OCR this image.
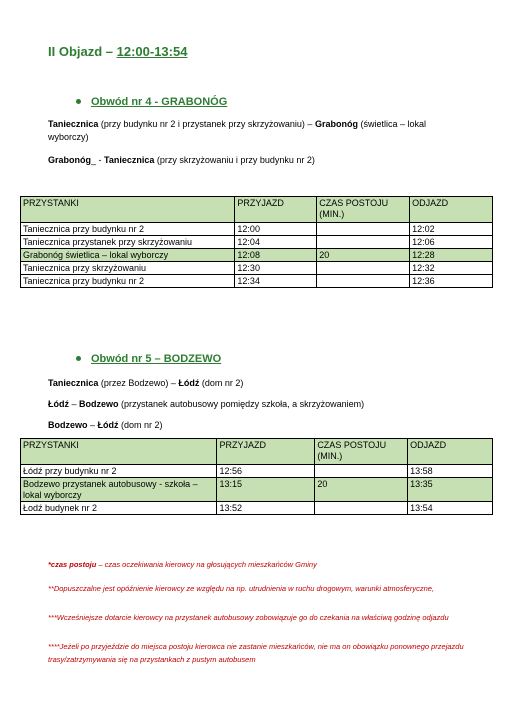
II Objazd – 12:00-13:54
Obwód nr 4 - GRABONÓG
Taniecznica (przy budynku nr 2 i przystanek przy skrzyżowaniu) – Grabonóg (świetlica – lokal wyborczy)
Grabonóg_ - Taniecznica (przy skrzyżowaniu i przy budynku nr 2)
PRZYSTANKI	PRZYJAZD	CZAS POSTOJU (MIN.)	ODJAZD
Taniecznica przy budynku nr 2	12:00		12:02
Taniecznica przystanek przy skrzyżowaniu	12:04		12:06
Grabonóg świetlica – lokal wyborczy	12:08	20	12:28
Taniecznica przy skrzyżowaniu	12:30		12:32
Taniecznica przy budynku nr 2	12:34		12:36
Obwód nr 5 – BODZEWO
Taniecznica (przez Bodzewo) – Łódź (dom nr 2)
Łódź – Bodzewo (przystanek autobusowy pomiędzy szkoła, a skrzyżowaniem)
Bodzewo – Łódź (dom nr 2)
PRZYSTANKI	PRZYJAZD	CZAS POSTOJU (MIN.)	ODJAZD
Łódź przy budynku nr 2	12:56		13:58
Bodzewo przystanek autobusowy - szkoła – lokal wyborczy	13:15	20	13:35
Łodź budynek nr 2	13:52		13:54
*czas postoju – czas oczekiwania kierowcy na głosujących mieszkańców Gminy
**Dopuszczalne jest opóźnienie kierowcy ze względu na np. utrudnienia w ruchu drogowym, warunki atmosferyczne,
***Wcześniejsze dotarcie kierowcy na przystanek autobusowy zobowiązuje go do czekania na właściwą godzinę odjazdu
****Jeżeli po przyjeździe do miejsca postoju kierowca nie zastanie mieszkańców, nie ma on obowiązku ponownego przejazdu trasy/zatrzymywania się na przystankach z pustym autobusem
